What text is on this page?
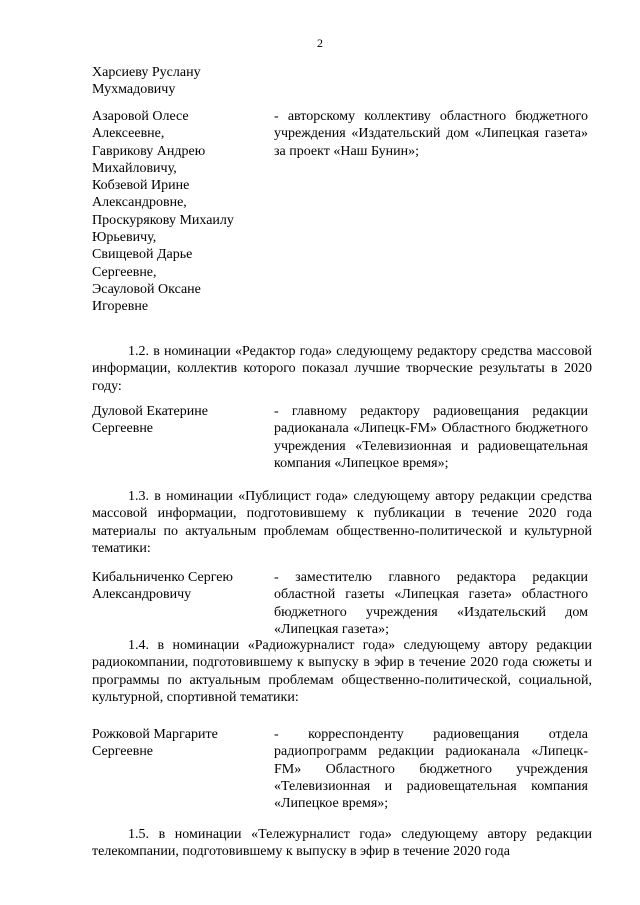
2
Харсиеву Руслану
Мухмадовичу
Азаровой Олесе
Алексеевне,
Гаврикову Андрею
Михайловичу,
Кобзевой Ирине
Александровне,
Проскурякову Михаилу
Юрьевичу,
Свищевой Дарье
Сергеевне,
Эсауловой Оксане
Игоревне
- авторскому коллективу областного бюджетного учреждения «Издательский дом «Липецкая газета» за проект «Наш Бунин»;
1.2. в номинации «Редактор года» следующему редактору средства массовой информации, коллектив которого показал лучшие творческие результаты в 2020 году:
Дуловой Екатерине
Сергеевне
- главному редактору радиовещания редакции радиоканала «Липецк-FM» Областного бюджетного учреждения «Телевизионная и радиовещательная компания «Липецкое время»;
1.3. в номинации «Публицист года» следующему автору редакции средства массовой информации, подготовившему к публикации в течение 2020 года материалы по актуальным проблемам общественно-политической и культурной тематики:
Кибальниченко Сергею
Александровичу
- заместителю главного редактора редакции областной газеты «Липецкая газета» областного бюджетного учреждения «Издательский дом «Липецкая газета»;
1.4. в номинации «Радиожурналист года» следующему автору редакции радиокомпании, подготовившему к выпуску в эфир в течение 2020 года сюжеты и программы по актуальным проблемам общественно-политической, социальной, культурной, спортивной тематики:
Рожковой Маргарите
Сергеевне
- корреспонденту радиовещания отдела радиопрограмм редакции радиоканала «Липецк-FM» Областного бюджетного учреждения «Телевизионная и радиовещательная компания «Липецкое время»;
1.5. в номинации «Тележурналист года» следующему автору редакции телекомпании, подготовившему к выпуску в эфир в течение 2020 года
